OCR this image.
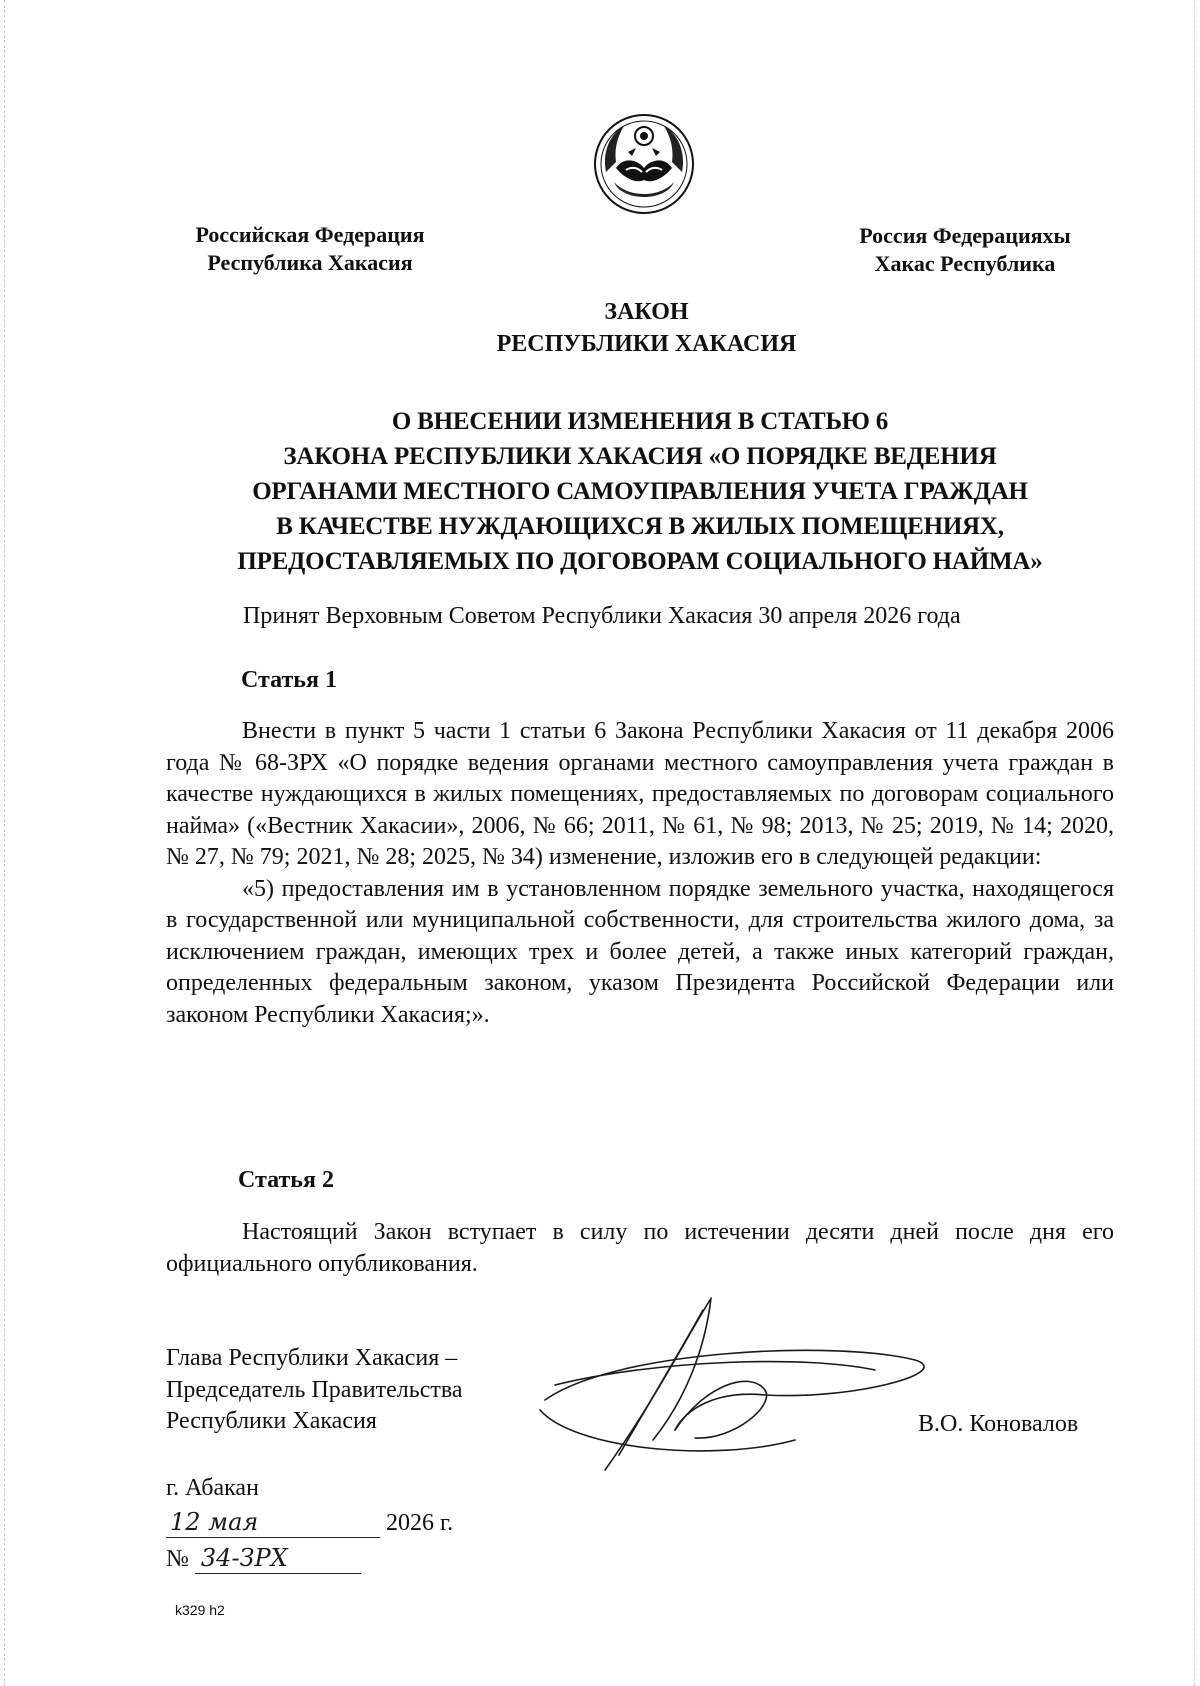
Российская Федерация
Республика Хакасия
Россия Федерацияхы
Хакас Республика
ЗАКОН
РЕСПУБЛИКИ ХАКАСИЯ
О ВНЕСЕНИИ ИЗМЕНЕНИЯ В СТАТЬЮ 6
ЗАКОНА РЕСПУБЛИКИ ХАКАСИЯ «О ПОРЯДКЕ ВЕДЕНИЯ
ОРГАНАМИ МЕСТНОГО САМОУПРАВЛЕНИЯ УЧЕТА ГРАЖДАН
В КАЧЕСТВЕ НУЖДАЮЩИХСЯ В ЖИЛЫХ ПОМЕЩЕНИЯХ,
ПРЕДОСТАВЛЯЕМЫХ ПО ДОГОВОРАМ СОЦИАЛЬНОГО НАЙМА»
Принят Верховным Советом Республики Хакасия 30 апреля 2026 года
Статья 1

Внести в пункт 5 части 1 статьи 6 Закона Республики Хакасия от 11 декабря 2006 года № 68-ЗРХ «О порядке ведения органами местного самоуправления учета граждан в качестве нуждающихся в жилых помещениях, предоставляемых по договорам социального найма» («Вестник Хакасии», 2006, № 66; 2011, № 61, № 98; 2013, № 25; 2019, № 14; 2020, № 27, № 79; 2021, № 28; 2025, № 34) изменение, изложив его в следующей редакции:

«5) предоставления им в установленном порядке земельного участка, находящегося в государственной или муниципальной собственности, для строительства жилого дома, за исключением граждан, имеющих трех и более детей, а также иных категорий граждан, определенных федеральным законом, указом Президента Российской Федерации или законом Республики Хакасия;».

Статья 2

Настоящий Закон вступает в силу по истечении десяти дней после дня его официального опубликования.

Глава Республики Хакасия –
Председатель Правительства
Республики Хакасия	В.О. Коновалов
г. Абакан
12 мая	2026 г.
№ 34-ЗРХ
k329 h2
